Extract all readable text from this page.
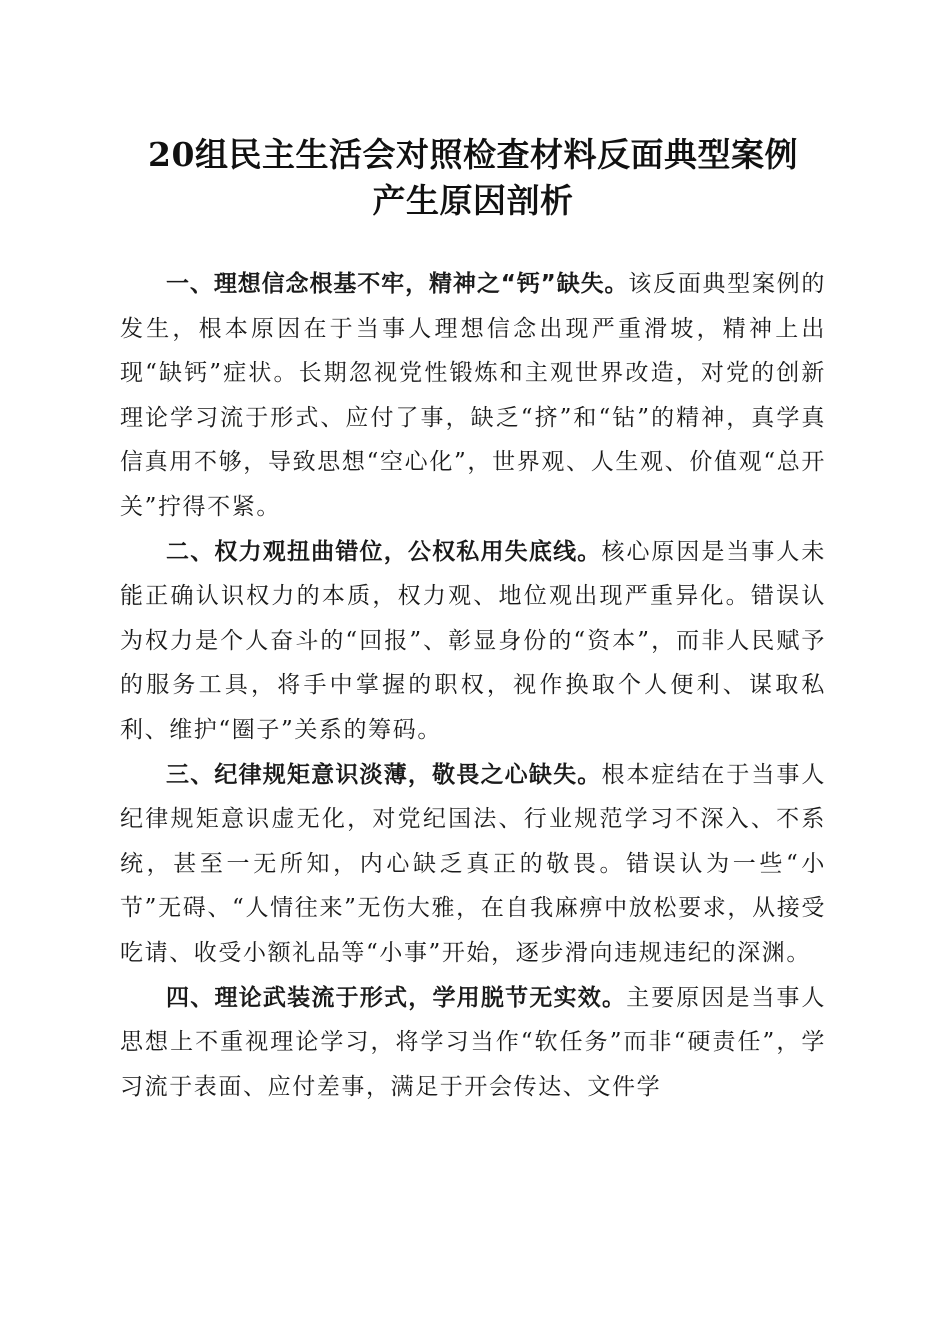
20组民主生活会对照检查材料反面典型案例
产生原因剖析

一、理想信念根基不牢，精神之“钙”缺失。该反面典型案例的发生，根本原因在于当事人理想信念出现严重滑坡，精神上出现“缺钙”症状。长期忽视党性锻炼和主观世界改造，对党的创新理论学习流于形式、应付了事，缺乏“挤”和“钻”的精神，真学真信真用不够，导致思想“空心化”，世界观、人生观、价值观“总开关”拧得不紧。

二、权力观扭曲错位，公权私用失底线。核心原因是当事人未能正确认识权力的本质，权力观、地位观出现严重异化。错误认为权力是个人奋斗的“回报”、彰显身份的“资本”，而非人民赋予的服务工具，将手中掌握的职权，视作换取个人便利、谋取私利、维护“圈子”关系的筹码。

三、纪律规矩意识淡薄，敬畏之心缺失。根本症结在于当事人纪律规矩意识虚无化，对党纪国法、行业规范学习不深入、不系统，甚至一无所知，内心缺乏真正的敬畏。错误认为一些“小节”无碍、“人情往来”无伤大雅，在自我麻痹中放松要求，从接受吃请、收受小额礼品等“小事”开始，逐步滑向违规违纪的深渊。

四、理论武装流于形式，学用脱节无实效。主要原因是当事人思想上不重视理论学习，将学习当作“软任务”而非“硬责任”，学习流于表面、应付差事，满足于开会传达、文件学
